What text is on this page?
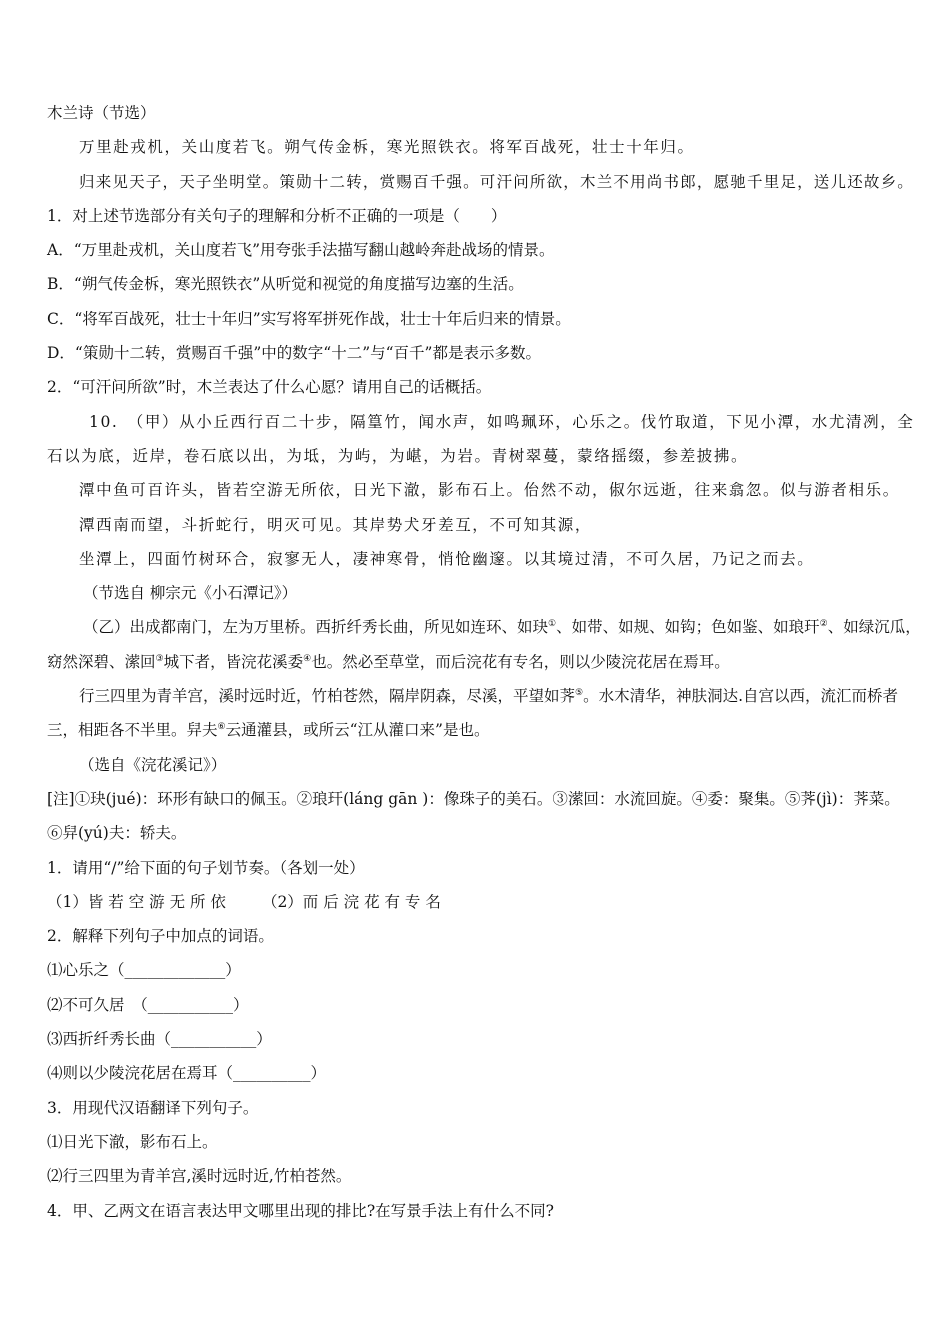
木兰诗（节选）
万里赴戎机，关山度若飞。朔气传金柝，寒光照铁衣。将军百战死，壮士十年归。
归来见天子，天子坐明堂。策勋十二转，赏赐百千强。可汗问所欲，木兰不用尚书郎，愿驰千里足，送儿还故乡。
1．对上述节选部分有关句子的理解和分析不正确的一项是（　　）
A．“万里赴戎机，关山度若飞”用夸张手法描写翻山越岭奔赴战场的情景。
B．“朔气传金柝，寒光照铁衣”从听觉和视觉的角度描写边塞的生活。
C．“将军百战死，壮士十年归”实写将军拼死作战，壮士十年后归来的情景。
D．“策勋十二转，赏赐百千强”中的数字“十二”与“百千”都是表示多数。
2．“可汗问所欲”时，木兰表达了什么心愿？请用自己的话概括。
10.　（甲）从小丘西行百二十步，隔篁竹，闻水声，如鸣珮环，心乐之。伐竹取道，下见小潭，水尤清冽，全
石以为底，近岸，卷石底以出，为坻，为屿，为嵁，为岩。青树翠蔓，蒙络摇缀，参差披拂。
潭中鱼可百许头，皆若空游无所依，日光下澈，影布石上。佁然不动，俶尔远逝，往来翕忽。似与游者相乐。
潭西南而望，斗折蛇行，明灭可见。其岸势犬牙差互，不可知其源，
坐潭上，四面竹树环合，寂寥无人，凄神寒骨，悄怆幽邃。以其境过清，不可久居，乃记之而去。
（节选自 柳宗元《小石潭记》）
（乙）出成都南门，左为万里桥。西折纤秀长曲，所见如连环、如玦①、如带、如规、如钩；色如鉴、如琅玕②、如绿沉瓜，
窈然深碧、潆回③城下者，皆浣花溪委④也。然必至草堂，而后浣花有专名，则以少陵浣花居在焉耳。
行三四里为青羊宫，溪时远时近，竹柏苍然，隔岸阴森，尽溪，平望如荠⑤。水木清华，神肤洞达.自宫以西，流汇而桥者
三，相距各不半里。舁夫⑥云通灌县，或所云“江从灌口来”是也。
（选自《浣花溪记》）
[注]①玦(jué)：环形有缺口的佩玉。②琅玕(láng gān )：像珠子的美石。③潆回：水流回旋。④委：聚集。⑤荠(jì)：荠菜。
⑥舁(yú)夫：轿夫。
1．请用“/”给下面的句子划节奏。（各划一处）
（1）皆 若 空 游 无 所 依 （2）而 后 浣 花 有 专 名
2．解释下列句子中加点的词语。
⑴心乐之（_____________）
⑵不可久居　（___________）
⑶西折纤秀长曲（___________）
⑷则以少陵浣花居在焉耳（__________）
3．用现代汉语翻译下列句子。
⑴日光下澈，影布石上。
⑵行三四里为青羊宫,溪时远时近,竹柏苍然。
4．甲、乙两文在语言表达甲文哪里出现的排比?在写景手法上有什么不同?
